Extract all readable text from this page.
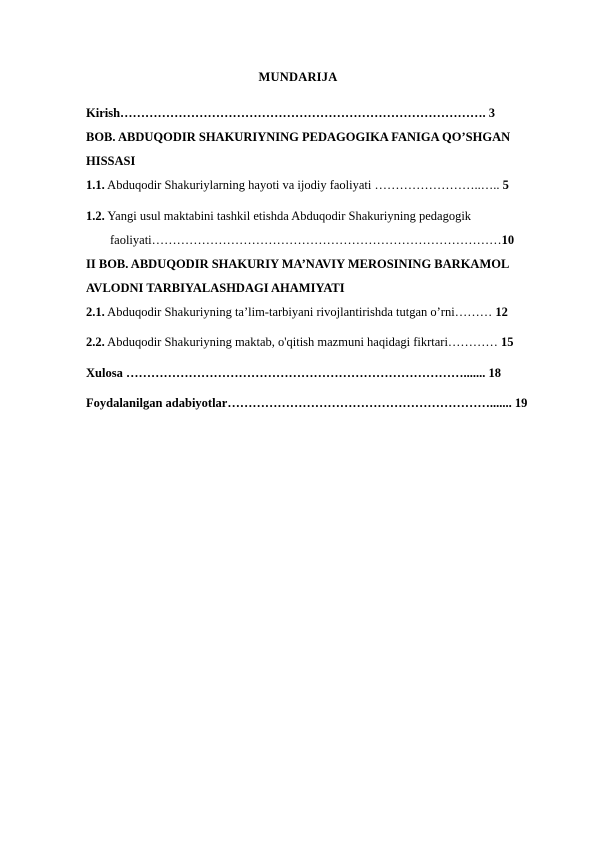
MUNDARIJA
Kirish……………………………………………………………………………. 3
BOB. ABDUQODIR SHAKURIYNING PEDAGOGIKA FANIGA QO’SHGAN
HISSASI
1.1. Abduqodir Shakuriylarning hayoti va ijodiy faoliyati ……………………..….. 5
1.2. Yangi usul maktabini tashkil etishda Abduqodir Shakuriyning pedagogik
faoliyati…………………………………………………………………………10
II BOB. ABDUQODIR SHAKURIY MA’NAVIY MEROSINING BARKAMOL
AVLODNI TARBIYALASHDAGI AHAMIYATI
2.1. Abduqodir Shakuriyning ta’lim-tarbiyani rivojlantirishda tutgan o’rni……… 12
2.2. Abduqodir Shakuriyning maktab, o'qitish mazmuni haqidagi fikrtari………… 15
Xulosa ………………………………………………………………………....... 18
Foydalanilgan adabiyotlar………………………………………………………....... 19
